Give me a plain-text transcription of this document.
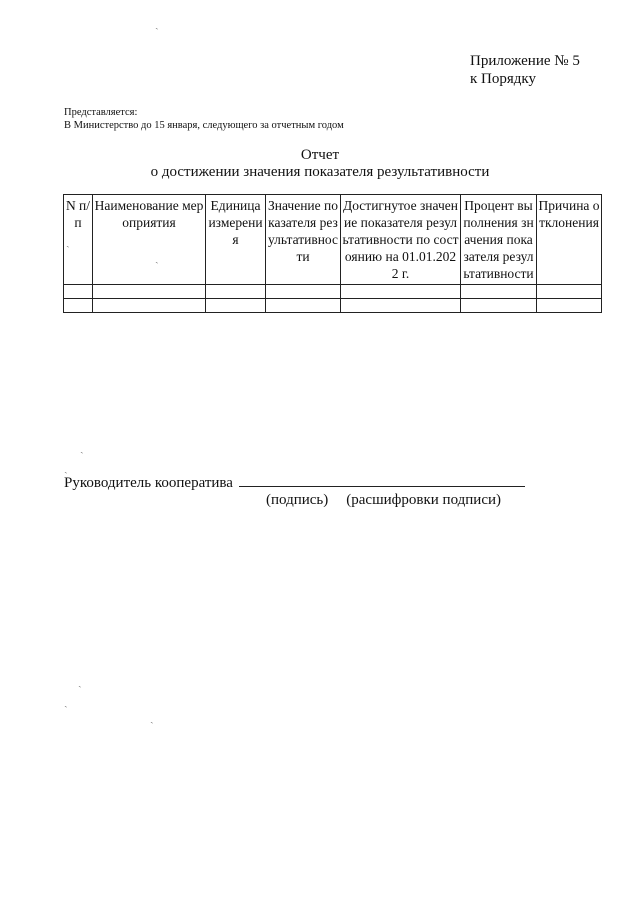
Приложение № 5
к Порядку
Представляется:
В Министерство до 15 января, следующего за отчетным годом
Отчет
о достижении значения показателя результативности
N п/п	Наименование мероприятия	Единица измерения	Значение показателя результативности	Достигнутое значение показателя результативности по состоянию на 01.01.2022 г.	Процент выполнения значения показателя результативности	Причина отклонения

Руководитель кооператива
(подпись) (расшифровки подписи)
ˏ
ˏ
ˏ
ˏ
ˏ
ˏ
ˏ
ˏ
